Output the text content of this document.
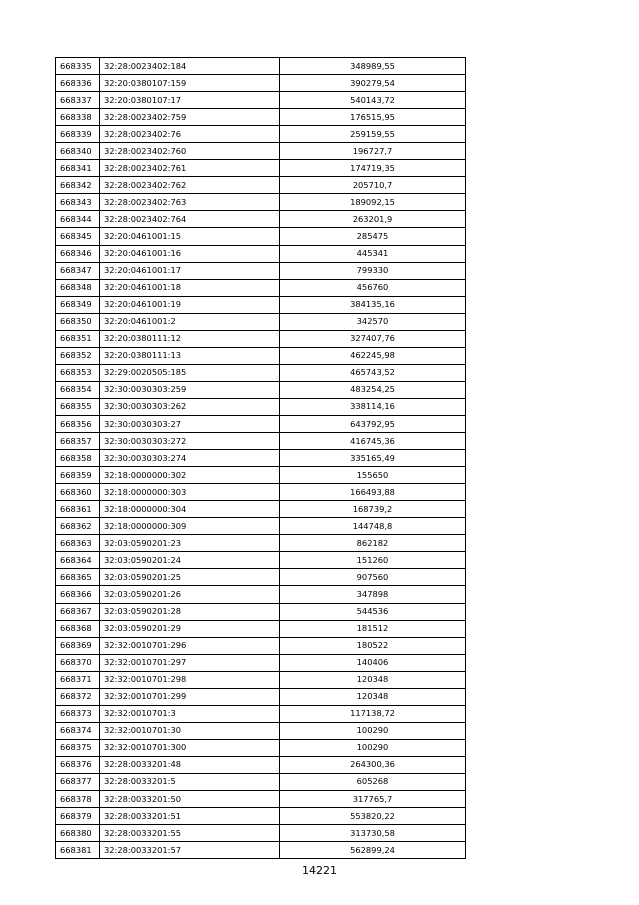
668335	32:28:0023402:184	348989,55
668336	32:20:0380107:159	390279,54
668337	32:20:0380107:17	540143,72
668338	32:28:0023402:759	176515,95
668339	32:28:0023402:76	259159,55
668340	32:28:0023402:760	196727,7
668341	32:28:0023402:761	174719,35
668342	32:28:0023402:762	205710,7
668343	32:28:0023402:763	189092,15
668344	32:28:0023402:764	263201,9
668345	32:20:0461001:15	285475
668346	32:20:0461001:16	445341
668347	32:20:0461001:17	799330
668348	32:20:0461001:18	456760
668349	32:20:0461001:19	384135,16
668350	32:20:0461001:2	342570
668351	32:20:0380111:12	327407,76
668352	32:20:0380111:13	462245,98
668353	32:29:0020505:185	465743,52
668354	32:30:0030303:259	483254,25
668355	32:30:0030303:262	338114,16
668356	32:30:0030303:27	643792,95
668357	32:30:0030303:272	416745,36
668358	32:30:0030303:274	335165,49
668359	32:18:0000000:302	155650
668360	32:18:0000000:303	166493,88
668361	32:18:0000000:304	168739,2
668362	32:18:0000000:309	144748,8
668363	32:03:0590201:23	862182
668364	32:03:0590201:24	151260
668365	32:03:0590201:25	907560
668366	32:03:0590201:26	347898
668367	32:03:0590201:28	544536
668368	32:03:0590201:29	181512
668369	32:32:0010701:296	180522
668370	32:32:0010701:297	140406
668371	32:32:0010701:298	120348
668372	32:32:0010701:299	120348
668373	32:32:0010701:3	117138,72
668374	32:32:0010701:30	100290
668375	32:32:0010701:300	100290
668376	32:28:0033201:48	264300,36
668377	32:28:0033201:5	605268
668378	32:28:0033201:50	317765,7
668379	32:28:0033201:51	553820,22
668380	32:28:0033201:55	313730,58
668381	32:28:0033201:57	562899,24
14221
